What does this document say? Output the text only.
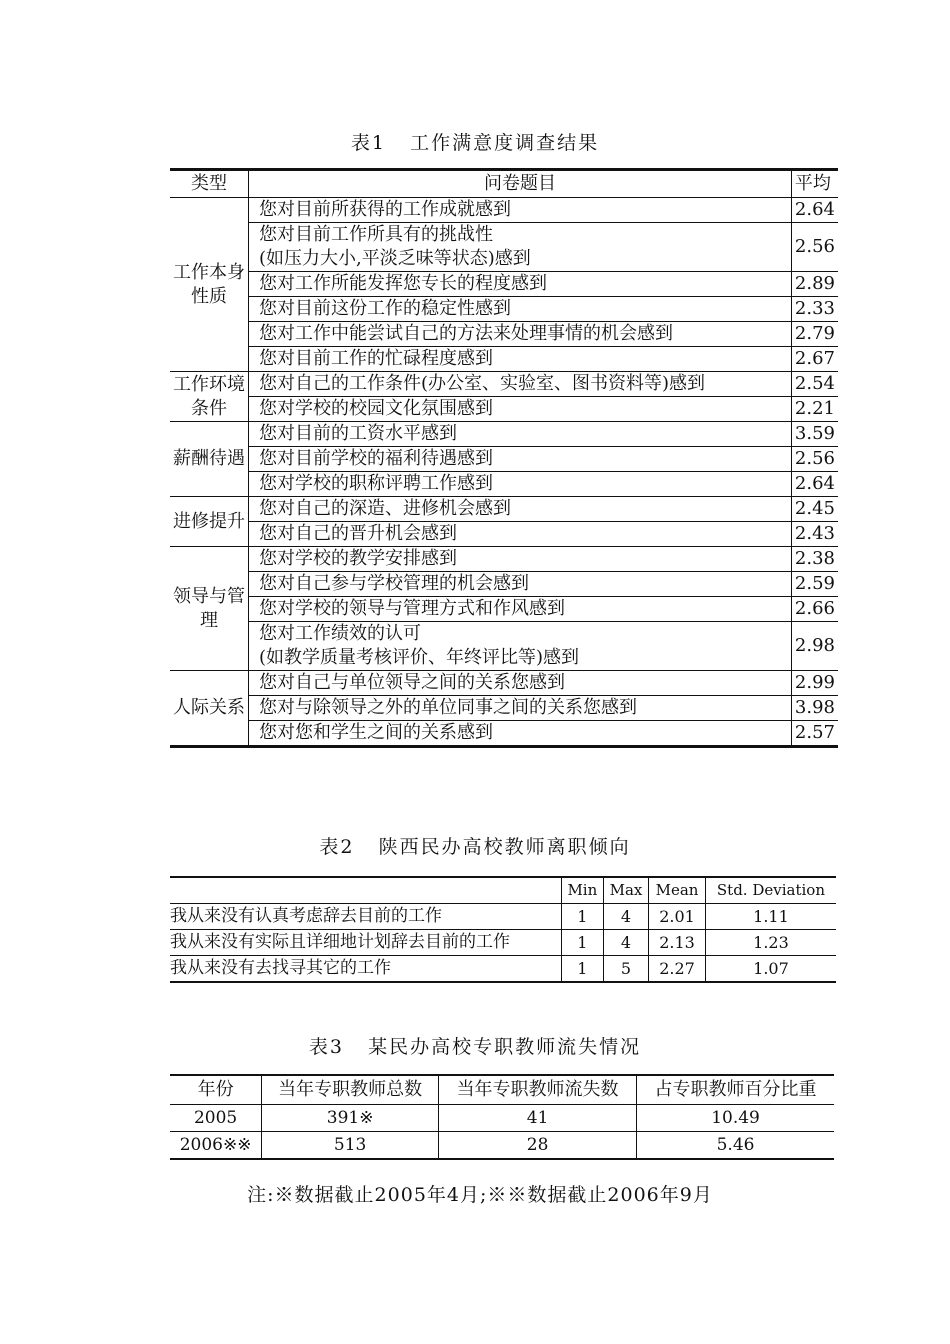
表1   工作满意度调查结果
类型	问卷题目	平均
工作本身性质	您对目前所获得的工作成就感到	2.64
	您对目前工作所具有的挑战性
(如压力大小,平淡乏味等状态)感到	2.56
	您对工作所能发挥您专长的程度感到	2.89
	您对目前这份工作的稳定性感到	2.33
	您对工作中能尝试自己的方法来处理事情的机会感到	2.79
	您对目前工作的忙碌程度感到	2.67
工作环境条件	您对自己的工作条件(办公室、实验室、图书资料等)感到	2.54
	您对学校的校园文化氛围感到	2.21
薪酬待遇	您对目前的工资水平感到	3.59
	您对目前学校的福利待遇感到	2.56
	您对学校的职称评聘工作感到	2.64
进修提升	您对自己的深造、进修机会感到	2.45
	您对自己的晋升机会感到	2.43
领导与管理	您对学校的教学安排感到	2.38
	您对自己参与学校管理的机会感到	2.59
	您对学校的领导与管理方式和作风感到	2.66
	您对工作绩效的认可
(如教学质量考核评价、年终评比等)感到	2.98
人际关系	您对自己与单位领导之间的关系您感到	2.99
	您对与除领导之外的单位同事之间的关系您感到	3.98
	您对您和学生之间的关系感到	2.57
表2   陕西民办高校教师离职倾向
	Min	Max	Mean	Std. Deviation
我从来没有认真考虑辞去目前的工作	1	4	2.01	1.11
我从来没有实际且详细地计划辞去目前的工作	1	4	2.13	1.23
我从来没有去找寻其它的工作	1	5	2.27	1.07
表3   某民办高校专职教师流失情况
年份	当年专职教师总数	当年专职教师流失数	占专职教师百分比重
2005	391※	41	10.49
2006※※	513	28	5.46
注:※数据截止2005年4月;※※数据截止2006年9月
